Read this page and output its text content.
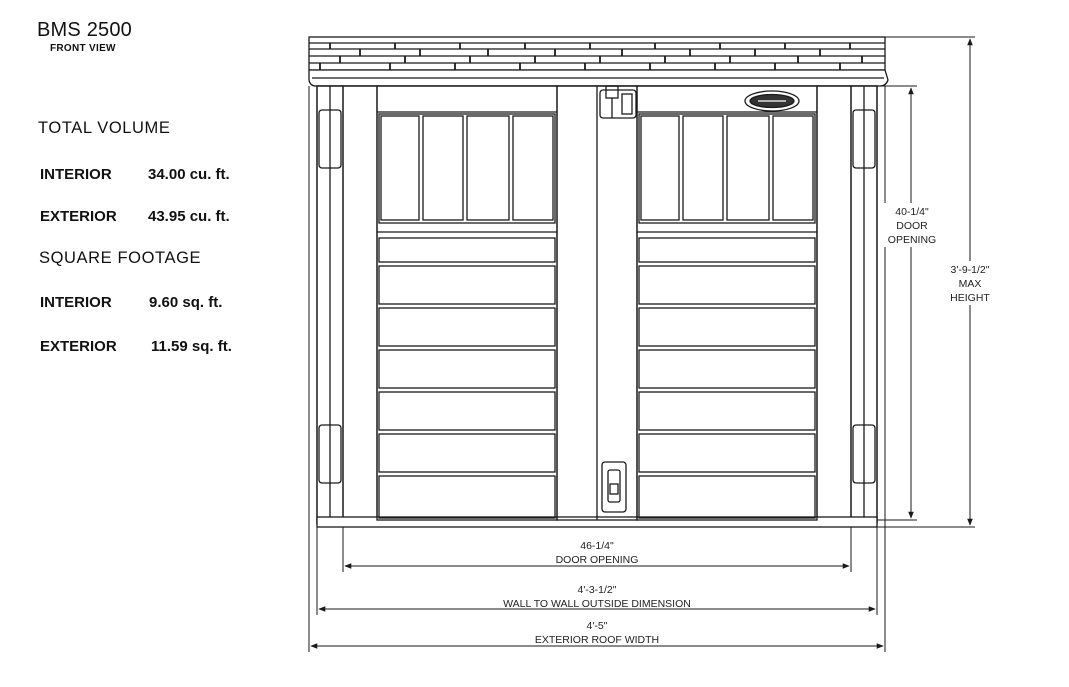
BMS 2500
FRONT VIEW
TOTAL VOLUME
INTERIOR 34.00 cu. ft.
EXTERIOR 43.95 cu. ft.
SQUARE FOOTAGE
INTERIOR 9.60 sq. ft.
EXTERIOR 11.59 sq. ft.
40-1/4"
DOOR
OPENING
3'-9-1/2"
MAX
HEIGHT
46-1/4"
DOOR OPENING
4'-3-1/2"
WALL TO WALL OUTSIDE DIMENSION
4'-5"
EXTERIOR ROOF WIDTH
